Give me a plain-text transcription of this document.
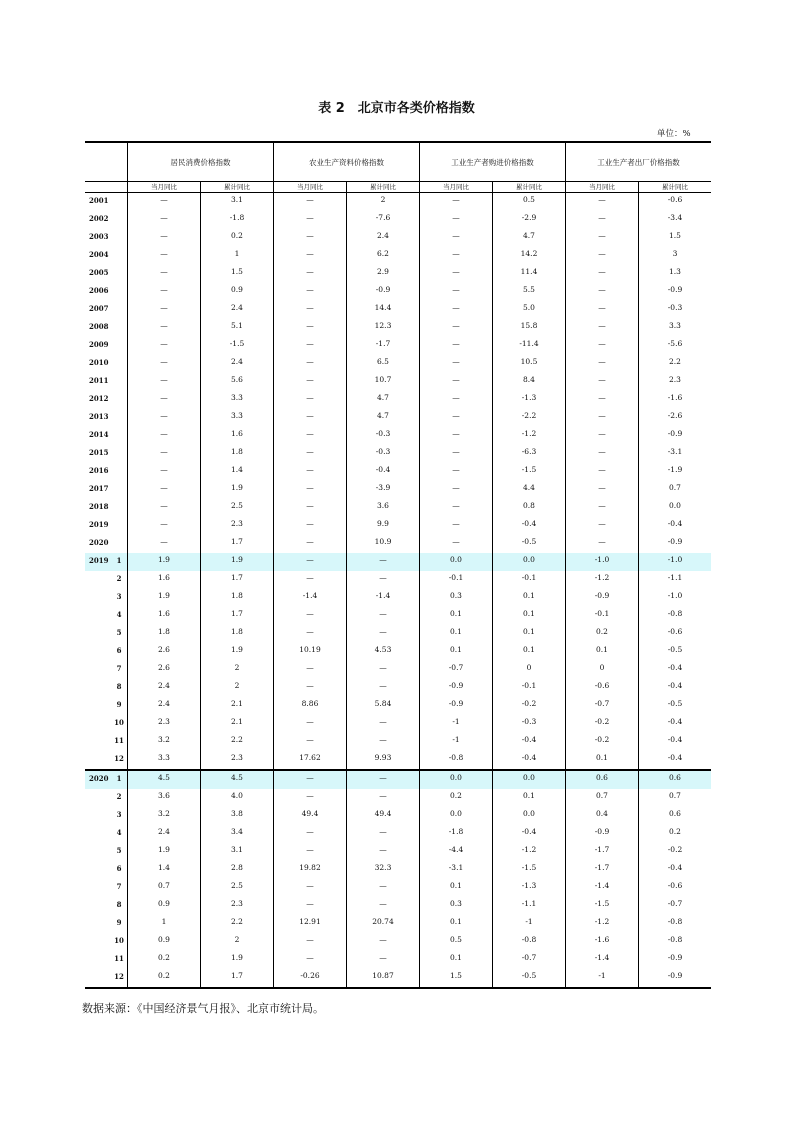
表 2　北京市各类价格指数
单位：%
居民消费价格指数	农业生产资料价格指数	工业生产者购进价格指数	工业生产者出厂价格指数
当月同比	累计同比	当月同比	累计同比	当月同比	累计同比	当月同比	累计同比
2001	—	3.1	—	2	—	0.5	—	-0.6
2002	—	-1.8	—	-7.6	—	-2.9	—	-3.4
2003	—	0.2	—	2.4	—	4.7	—	1.5
2004	—	1	—	6.2	—	14.2	—	3
2005	—	1.5	—	2.9	—	11.4	—	1.3
2006	—	0.9	—	-0.9	—	5.5	—	-0.9
2007	—	2.4	—	14.4	—	5.0	—	-0.3
2008	—	5.1	—	12.3	—	15.8	—	3.3
2009	—	-1.5	—	-1.7	—	-11.4	—	-5.6
2010	—	2.4	—	6.5	—	10.5	—	2.2
2011	—	5.6	—	10.7	—	8.4	—	2.3
2012	—	3.3	—	4.7	—	-1.3	—	-1.6
2013	—	3.3	—	4.7	—	-2.2	—	-2.6
2014	—	1.6	—	-0.3	—	-1.2	—	-0.9
2015	—	1.8	—	-0.3	—	-6.3	—	-3.1
2016	—	1.4	—	-0.4	—	-1.5	—	-1.9
2017	—	1.9	—	-3.9	—	4.4	—	0.7
2018	—	2.5	—	3.6	—	0.8	—	0.0
2019	—	2.3	—	9.9	—	-0.4	—	-0.4
2020	—	1.7	—	10.9	—	-0.5	—	-0.9
2019	1	1.9	1.9	—	—	0.0	0.0	-1.0	-1.0
2	1.6	1.7	—	—	-0.1	-0.1	-1.2	-1.1
3	1.9	1.8	-1.4	-1.4	0.3	0.1	-0.9	-1.0
4	1.6	1.7	—	—	0.1	0.1	-0.1	-0.8
5	1.8	1.8	—	—	0.1	0.1	0.2	-0.6
6	2.6	1.9	10.19	4.53	0.1	0.1	0.1	-0.5
7	2.6	2	—	—	-0.7	0	0	-0.4
8	2.4	2	—	—	-0.9	-0.1	-0.6	-0.4
9	2.4	2.1	8.86	5.84	-0.9	-0.2	-0.7	-0.5
10	2.3	2.1	—	—	-1	-0.3	-0.2	-0.4
11	3.2	2.2	—	—	-1	-0.4	-0.2	-0.4
12	3.3	2.3	17.62	9.93	-0.8	-0.4	0.1	-0.4
2020	1	4.5	4.5	—	—	0.0	0.0	0.6	0.6
2	3.6	4.0	—	—	0.2	0.1	0.7	0.7
3	3.2	3.8	49.4	49.4	0.0	0.0	0.4	0.6
4	2.4	3.4	—	—	-1.8	-0.4	-0.9	0.2
5	1.9	3.1	—	—	-4.4	-1.2	-1.7	-0.2
6	1.4	2.8	19.82	32.3	-3.1	-1.5	-1.7	-0.4
7	0.7	2.5	—	—	0.1	-1.3	-1.4	-0.6
8	0.9	2.3	—	—	0.3	-1.1	-1.5	-0.7
9	1	2.2	12.91	20.74	0.1	-1	-1.2	-0.8
10	0.9	2	—	—	0.5	-0.8	-1.6	-0.8
11	0.2	1.9	—	—	0.1	-0.7	-1.4	-0.9
12	0.2	1.7	-0.26	10.87	1.5	-0.5	-1	-0.9
数据来源：《中国经济景气月报》、北京市统计局。
